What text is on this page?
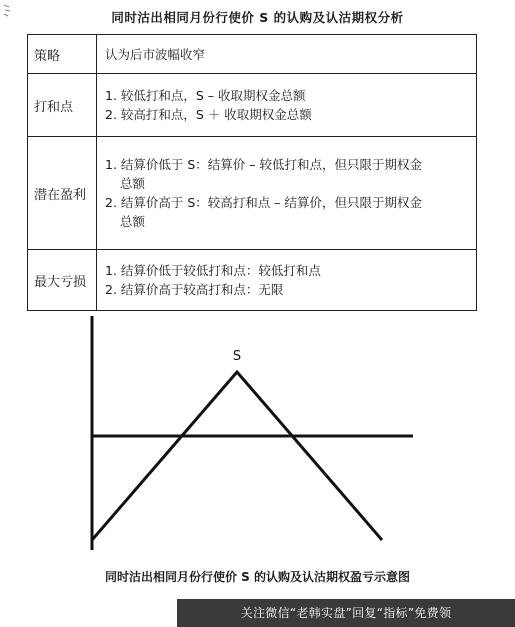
同时沽出相同月份行使价 S 的认购及认沽期权分析
策略	认为后市波幅收窄
打和点	1. 较低打和点，S – 收取期权金总额
2. 较高打和点，S ＋ 收取期权金总额

潜在盈利	1. 结算价低于 S：结算价 – 较低打和点，但只限于期权金
总额
2. 结算价高于 S：较高打和点 – 结算价，但只限于期权金
总额

最大亏损	1. 结算价低于较低打和点：较低打和点
2. 结算价高于较高打和点：无限
S
同时沽出相同月份行使价 S 的认购及认沽期权盈亏示意图
关注微信“老韩实盘”回复“指标”免费领
